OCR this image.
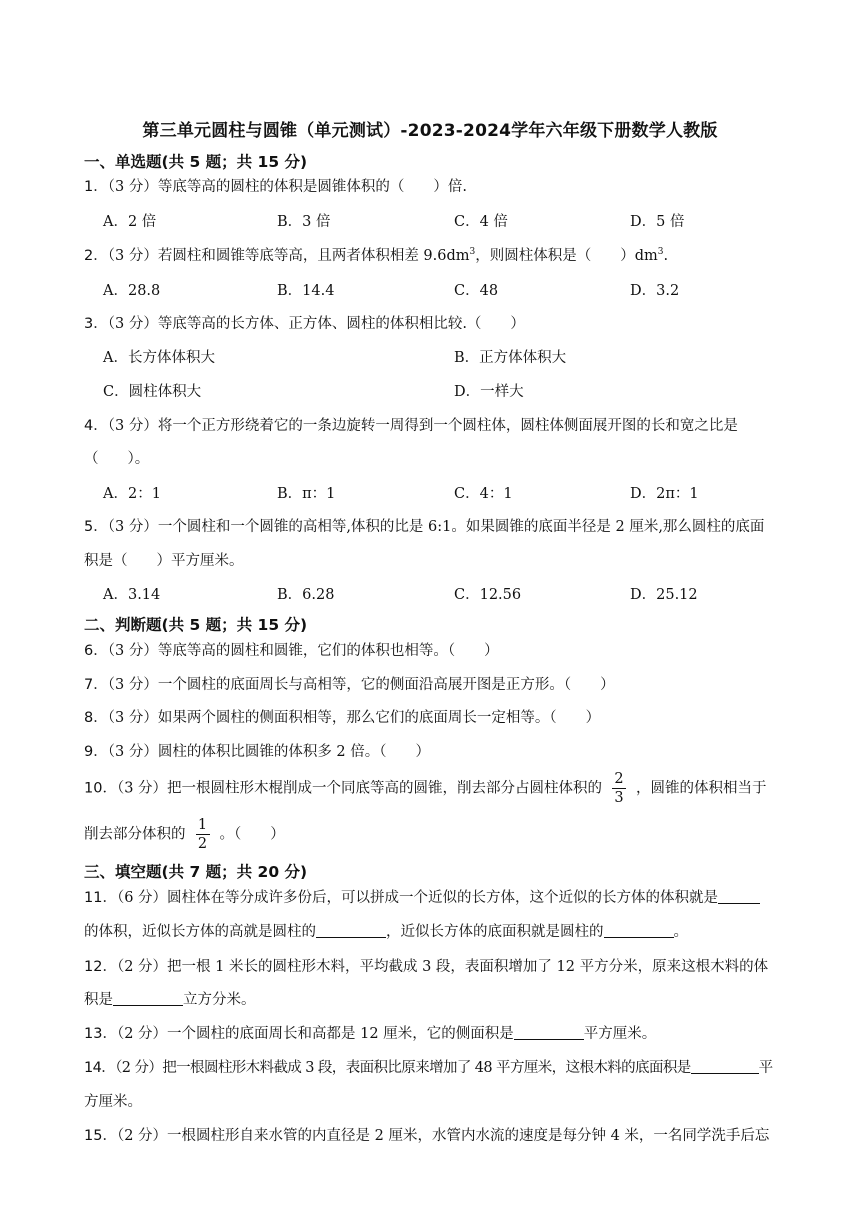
第三单元圆柱与圆锥（单元测试）-2023-2024学年六年级下册数学人教版
一、单选题(共 5 题；共 15 分)
1．（3 分）等底等高的圆柱的体积是圆锥体积的（　　）倍.
A．2 倍	B．3 倍	C．4 倍	D．5 倍
2．（3 分）若圆柱和圆锥等底等高，且两者体积相差 $9.6dm^3$，则圆柱体积是（　　）$dm^3$.
A．28.8	B．14.4	C．48	D．3.2
3．（3 分）等底等高的长方体、正方体、圆柱的体积相比较.（　　）
A．长方体体积大	B．正方体体积大
C．圆柱体积大	D．一样大
4．（3 分）将一个正方形绕着它的一条边旋转一周得到一个圆柱体，圆柱体侧面展开图的长和宽之比是
（　　）。
A．2：1	B．π：1	C．4：1	D．2π：1
5．（3 分）一个圆柱和一个圆锥的高相等,体积的比是 6:1。如果圆锥的底面半径是 2 厘米,那么圆柱的底面
积是（　　）平方厘米。
A．3.14	B．6.28	C．12.56	D．25.12
二、判断题(共 5 题；共 15 分)
6．（3 分）等底等高的圆柱和圆锥，它们的体积也相等。（　　）
7．（3 分）一个圆柱的底面周长与高相等，它的侧面沿高展开图是正方形。（　　）
8．（3 分）如果两个圆柱的侧面积相等，那么它们的底面周长一定相等。（　　）
9．（3 分）圆柱的体积比圆锥的体积多 2 倍。（　　）
10．（3 分）把一根圆柱形木棍削成一个同底等高的圆锥，削去部分占圆柱体积的 $\frac{2}{3}$ ，圆锥的体积相当于
削去部分体积的 $\frac{1}{2}$ 。（　　）
三、填空题(共 7 题；共 20 分)
11．（6 分）圆柱体在等分成许多份后，可以拼成一个近似的长方体，这个近似的长方体的体积就是
的体积，近似长方体的高就是圆柱的	，近似长方体的底面积就是圆柱的	。
12．（2 分）把一根 1 米长的圆柱形木料，平均截成 3 段，表面积增加了 12 平方分米，原来这根木料的体
积是	立方分米。
13．（2 分）一个圆柱的底面周长和高都是 12 厘米，它的侧面积是	平方厘米。
14．（2 分）把一根圆柱形木料截成 3 段，表面积比原来增加了 48 平方厘米，这根木料的底面积是	平
方厘米。
15．（2 分）一根圆柱形自来水管的内直径是 2 厘米，水管内水流的速度是每分钟 4 米，一名同学洗手后忘
